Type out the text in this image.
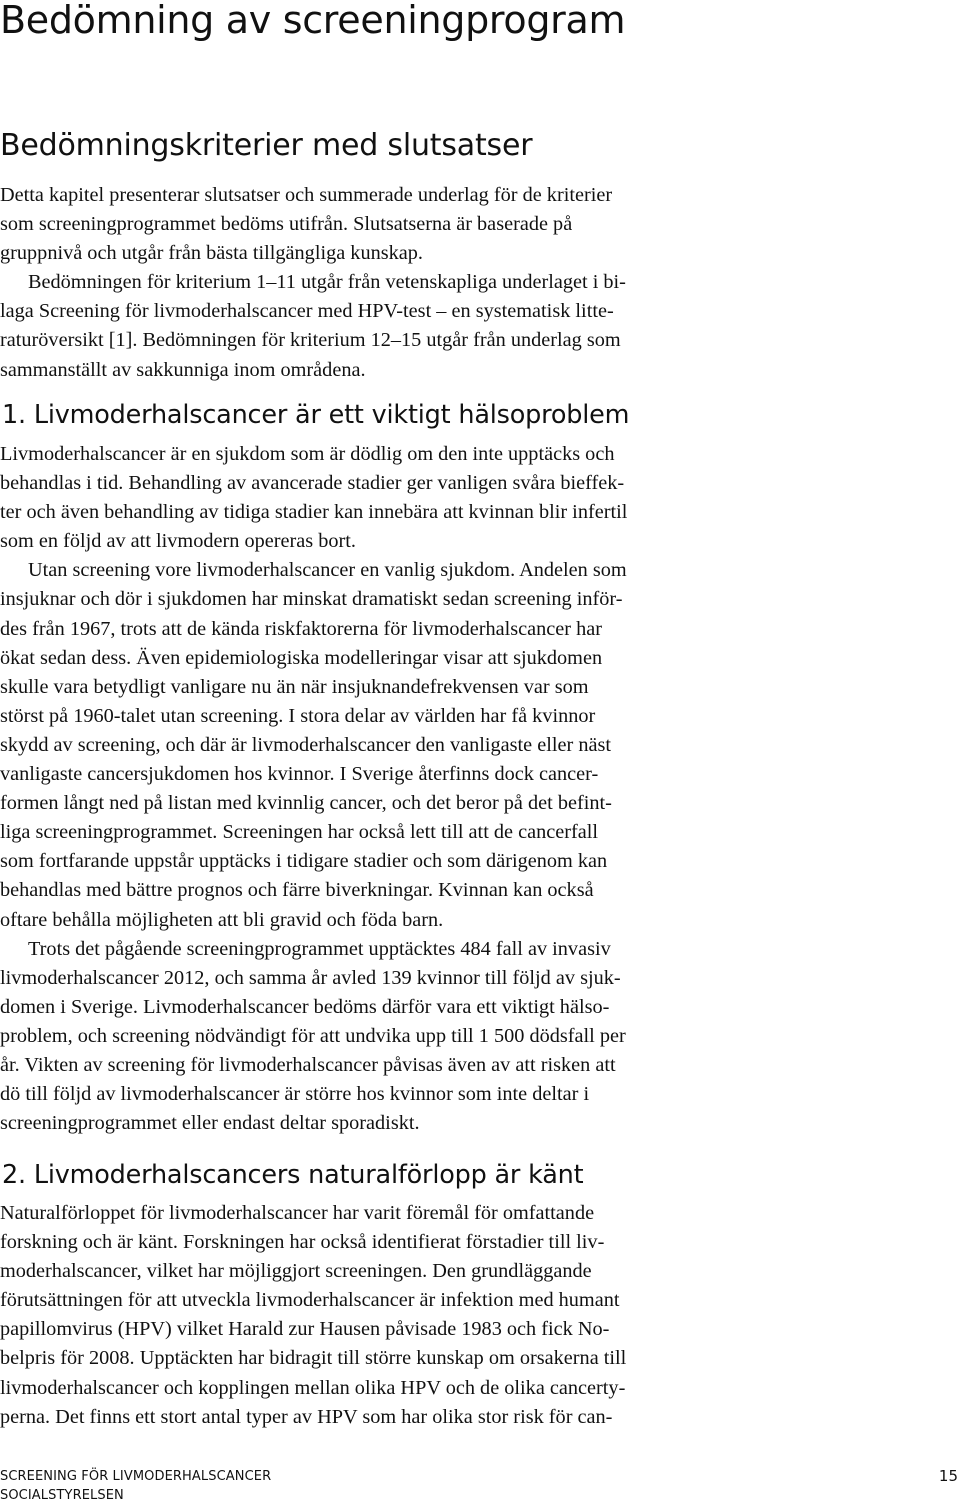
Bedömning av screeningprogram
Bedömningskriterier med slutsatser
Detta kapitel presenterar slutsatser och summerade underlag för de kriterier
som screeningprogrammet bedöms utifrån. Slutsatserna är baserade på
gruppnivå och utgår från bästa tillgängliga kunskap.
Bedömningen för kriterium 1–11 utgår från vetenskapliga underlaget i bi-
laga Screening för livmoderhalscancer med HPV-test – en systematisk litte-
raturöversikt [1]. Bedömningen för kriterium 12–15 utgår från underlag som
sammanställt av sakkunniga inom områdena.
1. Livmoderhalscancer är ett viktigt hälsoproblem
Livmoderhalscancer är en sjukdom som är dödlig om den inte upptäcks och
behandlas i tid. Behandling av avancerade stadier ger vanligen svåra bieffek-
ter och även behandling av tidiga stadier kan innebära att kvinnan blir infertil
som en följd av att livmodern opereras bort.
Utan screening vore livmoderhalscancer en vanlig sjukdom. Andelen som
insjuknar och dör i sjukdomen har minskat dramatiskt sedan screening inför-
des från 1967, trots att de kända riskfaktorerna för livmoderhalscancer har
ökat sedan dess. Även epidemiologiska modelleringar visar att sjukdomen
skulle vara betydligt vanligare nu än när insjuknandefrekvensen var som
störst på 1960-talet utan screening. I stora delar av världen har få kvinnor
skydd av screening, och där är livmoderhalscancer den vanligaste eller näst
vanligaste cancersjukdomen hos kvinnor. I Sverige återfinns dock cancer-
formen långt ned på listan med kvinnlig cancer, och det beror på det befint-
liga screeningprogrammet. Screeningen har också lett till att de cancerfall
som fortfarande uppstår upptäcks i tidigare stadier och som därigenom kan
behandlas med bättre prognos och färre biverkningar. Kvinnan kan också
oftare behålla möjligheten att bli gravid och föda barn.
Trots det pågående screeningprogrammet upptäcktes 484 fall av invasiv
livmoderhalscancer 2012, och samma år avled 139 kvinnor till följd av sjuk-
domen i Sverige. Livmoderhalscancer bedöms därför vara ett viktigt hälso-
problem, och screening nödvändigt för att undvika upp till 1 500 dödsfall per
år. Vikten av screening för livmoderhalscancer påvisas även av att risken att
dö till följd av livmoderhalscancer är större hos kvinnor som inte deltar i
screeningprogrammet eller endast deltar sporadiskt.
2. Livmoderhalscancers naturalförlopp är känt
Naturalförloppet för livmoderhalscancer har varit föremål för omfattande
forskning och är känt. Forskningen har också identifierat förstadier till liv-
moderhalscancer, vilket har möjliggjort screeningen. Den grundläggande
förutsättningen för att utveckla livmoderhalscancer är infektion med humant
papillomvirus (HPV) vilket Harald zur Hausen påvisade 1983 och fick No-
belpris för 2008. Upptäckten har bidragit till större kunskap om orsakerna till
livmoderhalscancer och kopplingen mellan olika HPV och de olika cancerty-
perna. Det finns ett stort antal typer av HPV som har olika stor risk för can-
SCREENING FÖR LIVMODERHALSCANCER
SOCIALSTYRELSEN
15
